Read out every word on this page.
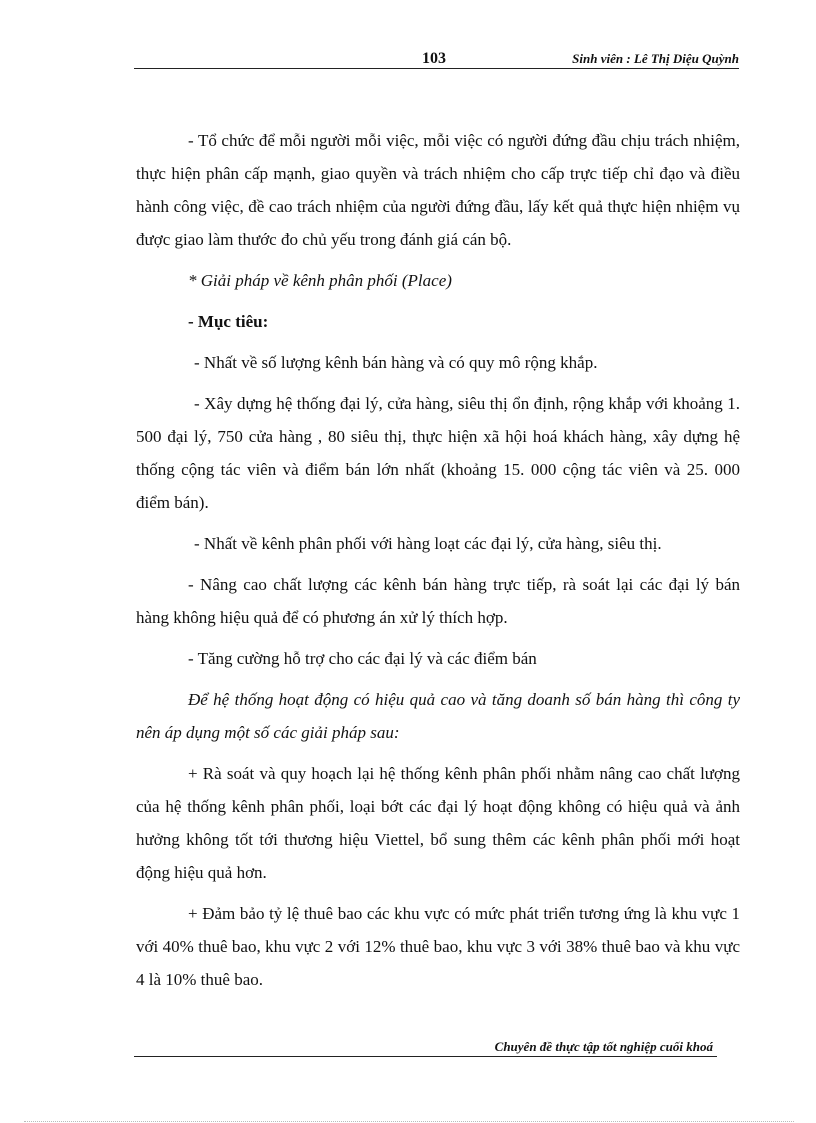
103	Sinh viên : Lê Thị Diệu Quỳnh

- Tổ chức để mỗi người mỗi việc, mỗi việc có người đứng đầu chịu trách nhiệm, thực hiện phân cấp mạnh, giao quyền và trách nhiệm cho cấp trực tiếp chỉ đạo và điều hành công việc, đề cao trách nhiệm của người đứng đầu, lấy kết quả thực hiện nhiệm vụ được giao làm thước đo chủ yếu trong đánh giá cán bộ.

* Giải pháp về kênh phân phối (Place)

- Mục tiêu:

- Nhất về số lượng kênh bán hàng và có quy mô rộng khắp.

- Xây dựng hệ thống đại lý, cửa hàng, siêu thị ổn định, rộng khắp với khoảng 1. 500 đại lý, 750 cửa hàng , 80 siêu thị, thực hiện xã hội hoá khách hàng, xây dựng hệ thống cộng tác viên và điểm bán lớn nhất (khoảng 15. 000 cộng tác viên và 25. 000 điểm bán).

- Nhất về kênh phân phối với hàng loạt các đại lý, cửa hàng, siêu thị.

- Nâng cao chất lượng các kênh bán hàng trực tiếp, rà soát lại các đại lý bán hàng không hiệu quả để có phương án xử lý thích hợp.

- Tăng cường hỗ trợ cho các đại lý và các điểm bán

Để hệ thống hoạt động có hiệu quả cao và tăng doanh số bán hàng thì công ty nên áp dụng một số các giải pháp sau:

+ Rà soát và quy hoạch lại hệ thống kênh phân phối nhằm nâng cao chất lượng của hệ thống kênh phân phối, loại bớt các đại lý hoạt động không có hiệu quả và ảnh hưởng không tốt tới thương hiệu Viettel, bổ sung thêm các kênh phân phối mới hoạt động hiệu quả hơn.

+ Đảm bảo tỷ lệ thuê bao các khu vực có mức phát triển tương ứng là khu vực 1 với 40% thuê bao, khu vực 2 với 12% thuê bao, khu vực 3 với 38% thuê bao và khu vực 4 là 10% thuê bao.

Chuyên đề thực tập tốt nghiệp cuối khoá
